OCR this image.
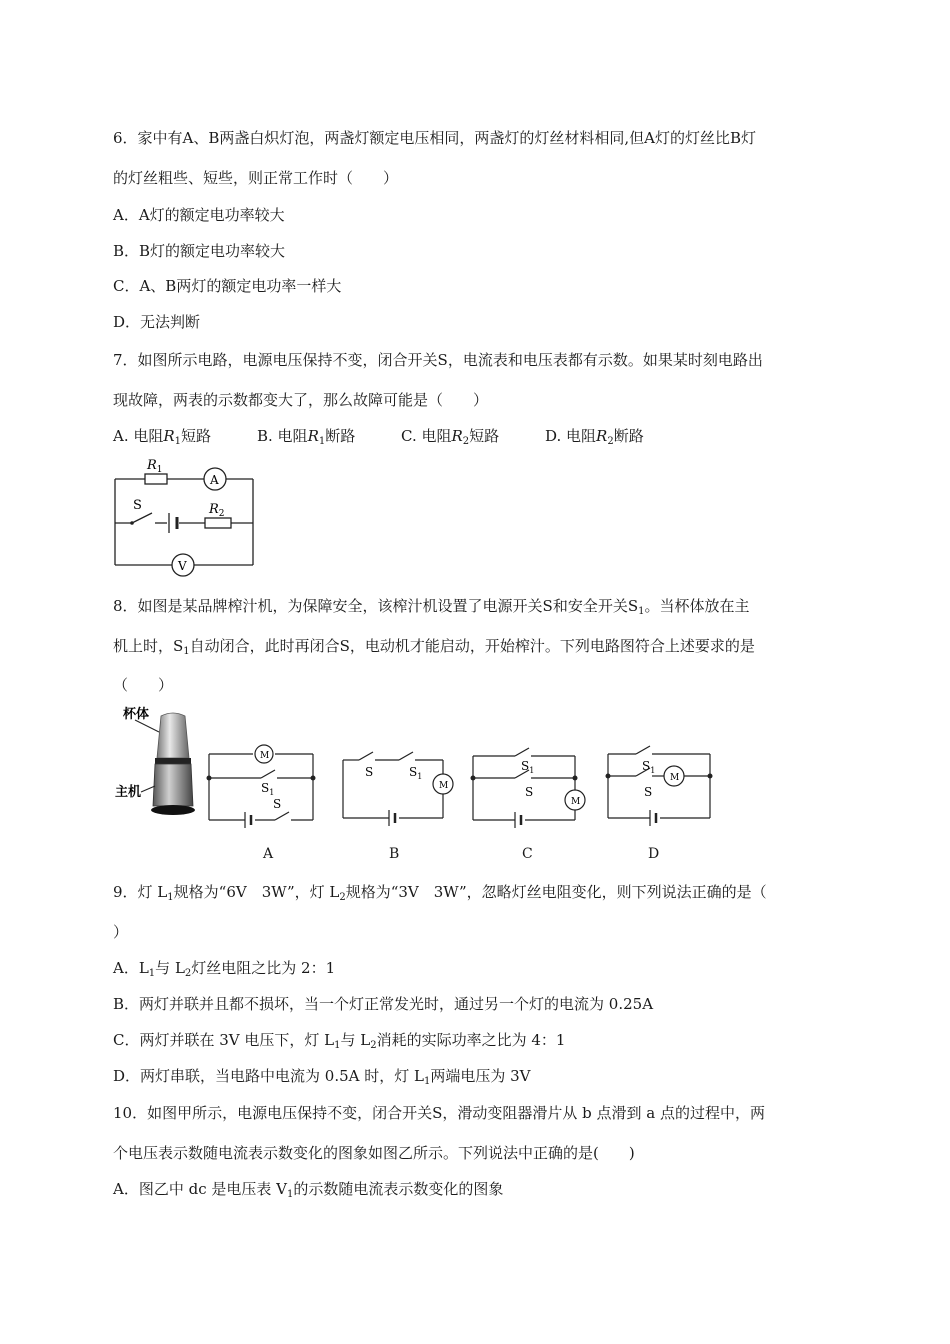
6．家中有A、B两盏白炽灯泡，两盏灯额定电压相同，两盏灯的灯丝材料相同,但A灯的灯丝比B灯
的灯丝粗些、短些，则正常工作时（　　）
A．A灯的额定电功率较大
B．B灯的额定电功率较大
C．A、B两灯的额定电功率一样大
D．无法判断
7．如图所示电路，电源电压保持不变，闭合开关S，电流表和电压表都有示数。如果某时刻电路出
现故障，两表的示数都变大了，那么故障可能是（　　）
A. 电阻$R_1$短路	B. 电阻$R_1$断路	C. 电阻$R_2$短路	D. 电阻$R_2$断路
$R_1$
$R_2$
S
A
V
8．如图是某品牌榨汁机，为保障安全，该榨汁机设置了电源开关S和安全开关$S_1$。当杯体放在主
机上时，$S_1$自动闭合，此时再闭合S，电动机才能启动，开始榨汁。下列电路图符合上述要求的是
（　　）
杯体
主机
M
$S_1$
S
M
S	$S_1$
M
$S_1$
S
M
$S_1$
S
A	B	C	D
9．灯 $L_1$规格为“6V　3W”，灯 $L_2$规格为“3V　3W”，忽略灯丝电阻变化，则下列说法正确的是（
）
A．$L_1$与 $L_2$灯丝电阻之比为 2：1
B．两灯并联并且都不损坏，当一个灯正常发光时，通过另一个灯的电流为 0.25A
C．两灯并联在 3V 电压下，灯 $L_1$与 $L_2$消耗的实际功率之比为 4：1
D．两灯串联，当电路中电流为 0.5A 时，灯 $L_1$两端电压为 3V
10．如图甲所示，电源电压保持不变，闭合开关S，滑动变阻器滑片从 b 点滑到 a 点的过程中，两
个电压表示数随电流表示数变化的图象如图乙所示。下列说法中正确的是(　　)
A．图乙中 dc 是电压表 $V_1$的示数随电流表示数变化的图象
